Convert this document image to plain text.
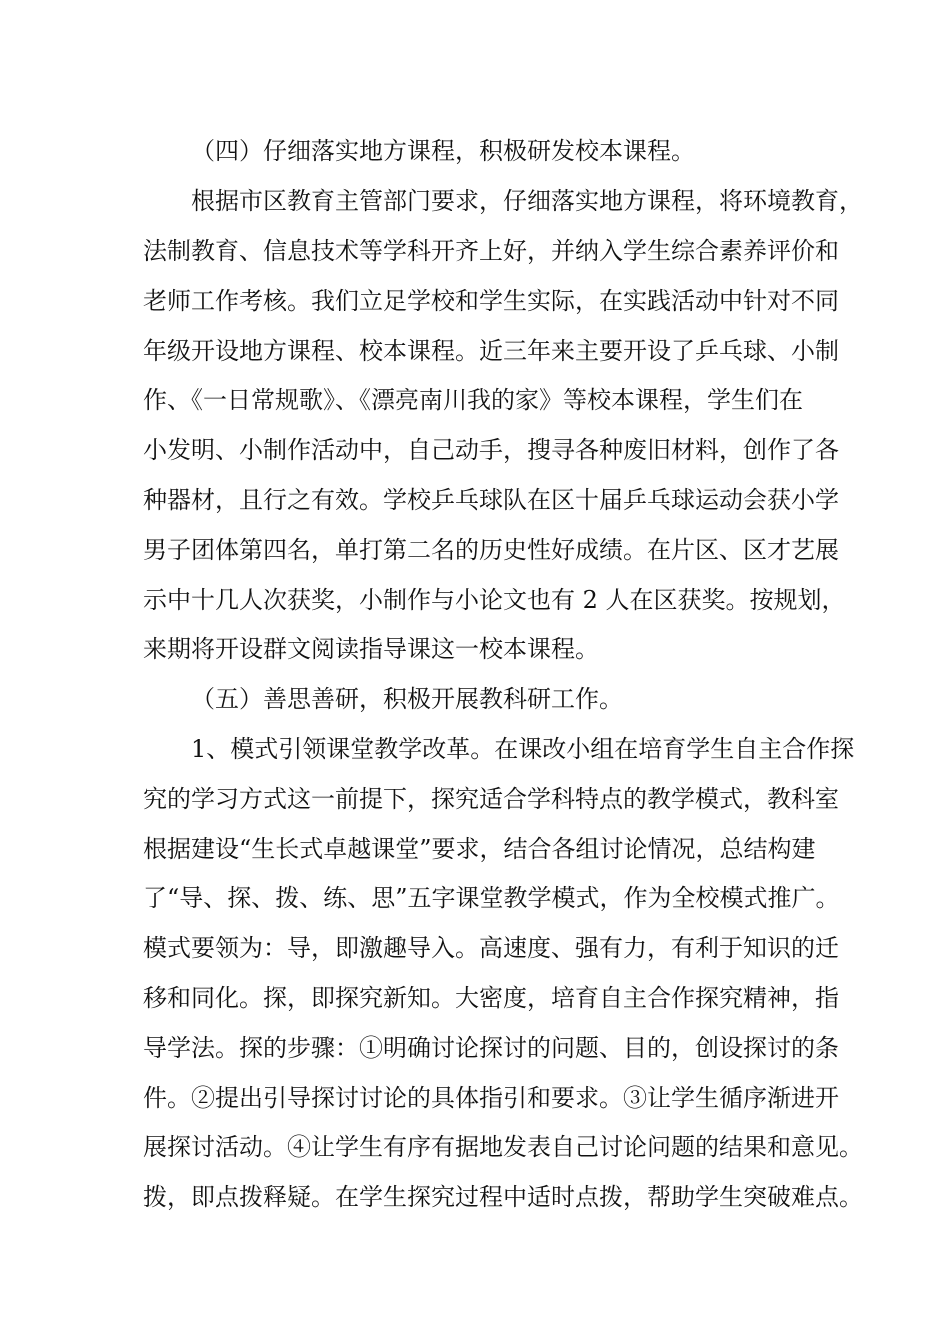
（四）仔细落实地方课程，积极研发校本课程。
根据市区教育主管部门要求，仔细落实地方课程，将环境教育，
法制教育、信息技术等学科开齐上好，并纳入学生综合素养评价和
老师工作考核。我们立足学校和学生实际，在实践活动中针对不同
年级开设地方课程、校本课程。近三年来主要开设了乒乓球、小制
作、《一日常规歌》、《漂亮南川我的家》等校本课程，学生们在
小发明、小制作活动中，自己动手，搜寻各种废旧材料，创作了各
种器材，且行之有效。学校乒乓球队在区十届乒乓球运动会获小学
男子团体第四名，单打第二名的历史性好成绩。在片区、区才艺展
示中十几人次获奖，小制作与小论文也有 2 人在区获奖。按规划，
来期将开设群文阅读指导课这一校本课程。
（五）善思善研，积极开展教科研工作。
1、模式引领课堂教学改革。在课改小组在培育学生自主合作探
究的学习方式这一前提下，探究适合学科特点的教学模式，教科室
根据建设“生长式卓越课堂”要求，结合各组讨论情况，总结构建
了“导、探、拨、练、思”五字课堂教学模式，作为全校模式推广。
模式要领为：导，即激趣导入。高速度、强有力，有利于知识的迁
移和同化。探，即探究新知。大密度，培育自主合作探究精神，指
导学法。探的步骤：①明确讨论探讨的问题、目的，创设探讨的条
件。②提出引导探讨讨论的具体指引和要求。③让学生循序渐进开
展探讨活动。④让学生有序有据地发表自己讨论问题的结果和意见。
拨，即点拨释疑。在学生探究过程中适时点拨，帮助学生突破难点。
